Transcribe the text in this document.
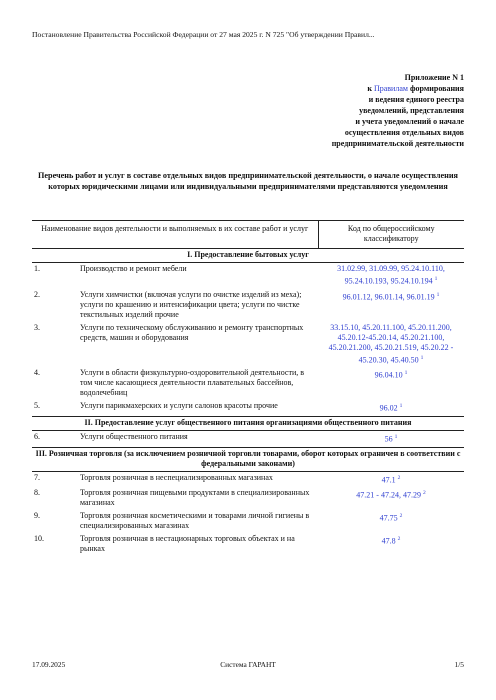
Постановление Правительства Российской Федерации от 27 мая 2025 г. N 725 "Об утверждении Правил...
Приложение N 1
к Правилам формирования
и ведения единого реестра
уведомлений, представления
и учета уведомлений о начале
осуществления отдельных видов
предпринимательской деятельности
Перечень работ и услуг в составе отдельных видов предпринимательской деятельности, о начале осуществления которых юридическими лицами или индивидуальными предпринимателями представляются уведомления
Наименование видов деятельности и выполняемых в их составе работ и услуг		Код по общероссийскому классификатору
I. Предоставление бытовых услуг		
1.	Производство и ремонт мебели	31.02.99, 31.09.99, 95.24.10.110, 95.24.10.193, 95.24.10.194 $^1$
2.	Услуги химчистки (включая услуги по очистке изделий из меха); услуги по крашению и интенсификации цвета; услуги по чистке текстильных изделий прочие	96.01.12, 96.01.14, 96.01.19 $^1$
3.	Услуги по техническому обслуживанию и ремонту транспортных средств, машин и оборудования	33.15.10, 45.20.11.100, 45.20.11.200, 45.20.12-45.20.14, 45.20.21.100, 45.20.21.200, 45.20.21.519, 45.20.22 - 45.20.30, 45.40.50 $^1$
4.	Услуги в области физкультурно-оздоровительной деятельности, в том числе касающиеся деятельности плавательных бассейнов, водолечебниц	96.04.10 $^1$
5.	Услуги парикмахерских и услуги салонов красоты прочие	96.02 $^1$
II. Предоставление услуг общественного питания организациями общественного питания		
6.	Услуги общественного питания	56 $^1$
III. Розничная торговля (за исключением розничной торговли товарами, оборот которых ограничен в соответствии с федеральными законами)		
7.	Торговля розничная в неспециализированных магазинах	47.1 $^2$
8.	Торговля розничная пищевыми продуктами в специализированных магазинах	47.21 - 47.24, 47.29 $^2$
9.	Торговля розничная косметическими и товарами личной гигиены в специализированных магазинах	47.75 $^2$
10.	Торговля розничная в нестационарных торговых объектах и на рынках	47.8 $^2$
17.09.2025	Система ГАРАНТ	1/5
